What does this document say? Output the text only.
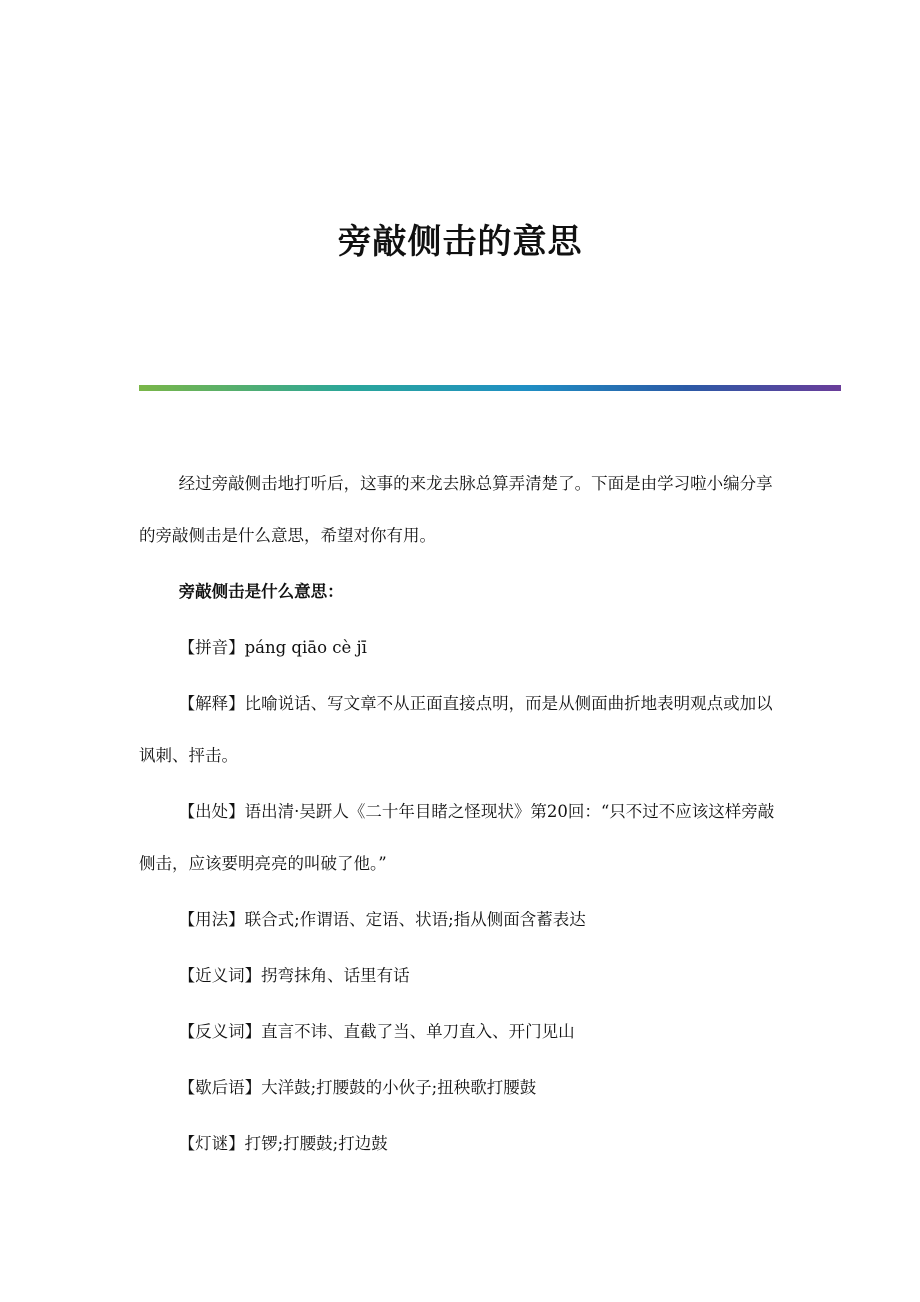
旁敲侧击的意思

经过旁敲侧击地打听后，这事的来龙去脉总算弄清楚了。下面是由学习啦小编分享的旁敲侧击是什么意思，希望对你有用。

旁敲侧击是什么意思：

【拼音】páng qiāo cè jī

【解释】比喻说话、写文章不从正面直接点明，而是从侧面曲折地表明观点或加以讽刺、抨击。

【出处】语出清·吴趼人《二十年目睹之怪现状》第20回：“只不过不应该这样旁敲侧击，应该要明亮亮的叫破了他。”

【用法】联合式;作谓语、定语、状语;指从侧面含蓄表达

【近义词】拐弯抹角、话里有话

【反义词】直言不讳、直截了当、单刀直入、开门见山

【歇后语】大洋鼓;打腰鼓的小伙子;扭秧歌打腰鼓

【灯谜】打锣;打腰鼓;打边鼓
